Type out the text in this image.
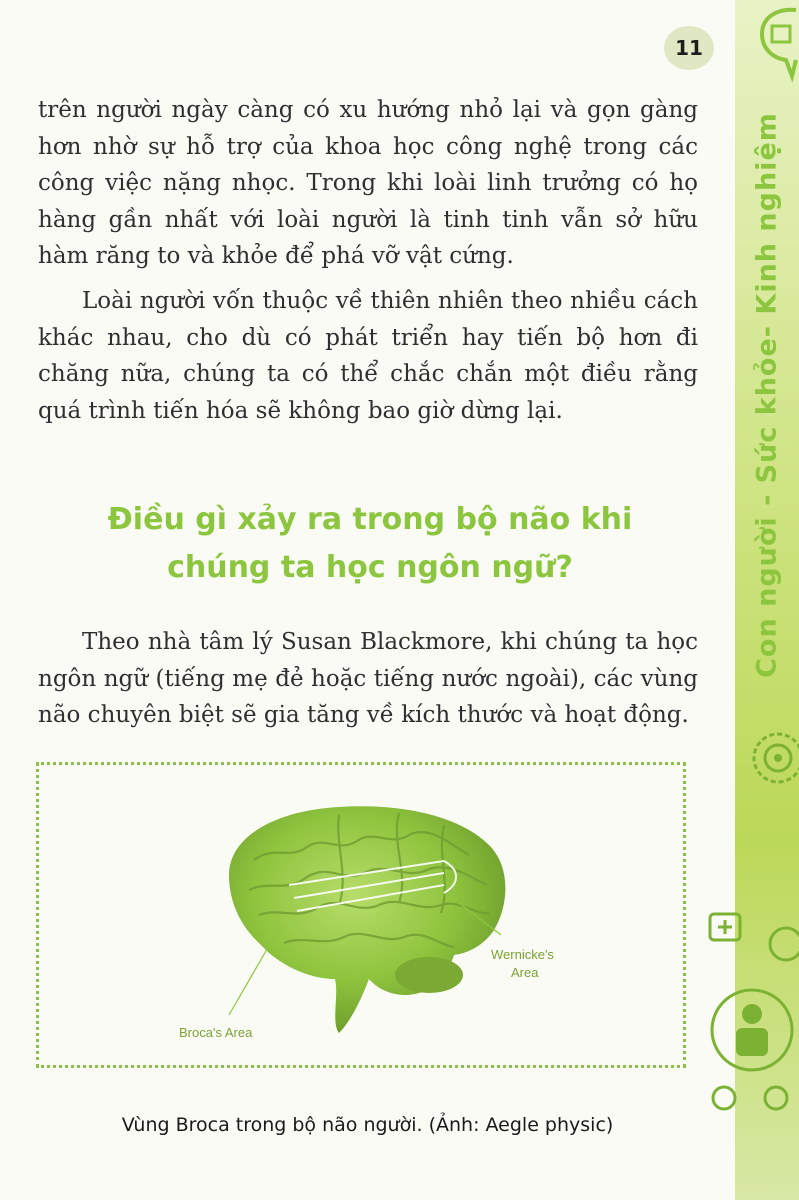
Con người - Sức khỏe- Kinh nghiệm
11

trên người ngày càng có xu hướng nhỏ lại và gọn gàng hơn nhờ sự hỗ trợ của khoa học công nghệ trong các công việc nặng nhọc. Trong khi loài linh trưởng có họ hàng gần nhất với loài người là tinh tinh vẫn sở hữu hàm răng to và khỏe để phá vỡ vật cứng.

Loài người vốn thuộc về thiên nhiên theo nhiều cách khác nhau, cho dù có phát triển hay tiến bộ hơn đi chăng nữa, chúng ta có thể chắc chắn một điều rằng quá trình tiến hóa sẽ không bao giờ dừng lại.

Điều gì xảy ra trong bộ não khi chúng ta học ngôn ngữ?

Theo nhà tâm lý Susan Blackmore, khi chúng ta học ngôn ngữ (tiếng mẹ đẻ hoặc tiếng nước ngoài), các vùng não chuyên biệt sẽ gia tăng về kích thước và hoạt động.

Wernicke's
Area
Broca's Area
Vùng Broca trong bộ não người. (Ảnh: Aegle physic)
